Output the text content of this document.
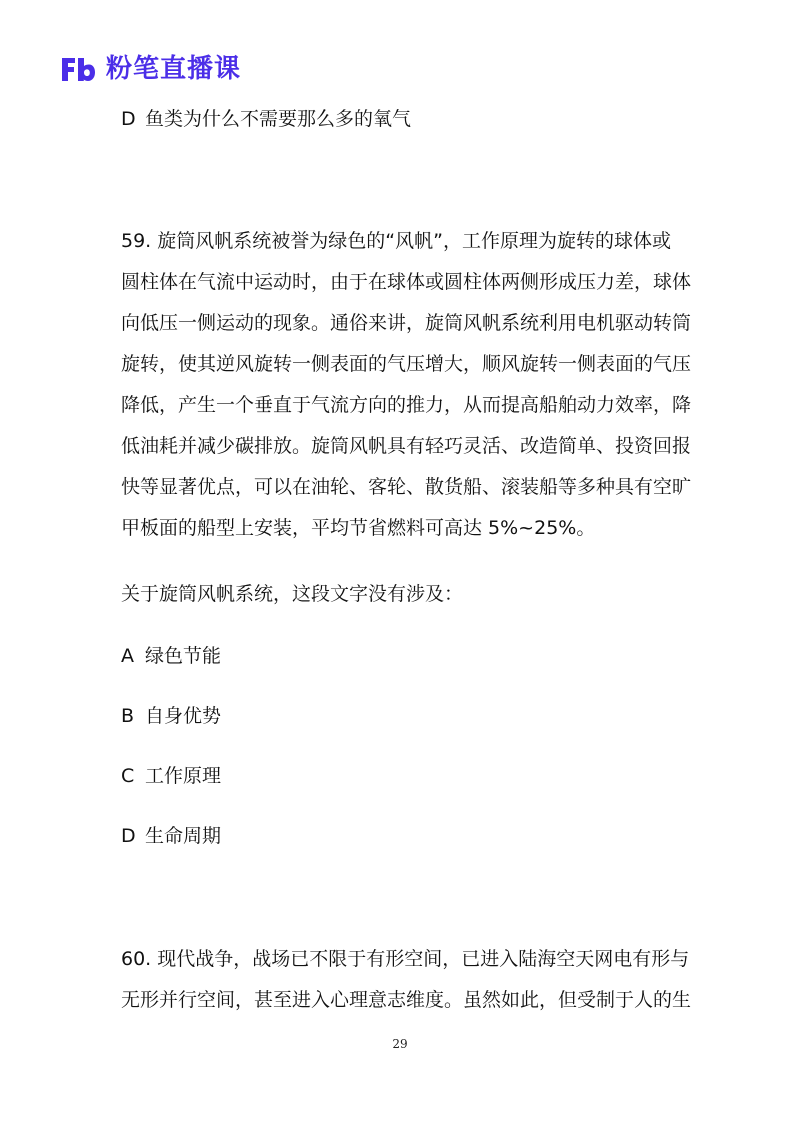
粉笔直播课
D 鱼类为什么不需要那么多的氧气
59. 旋筒风帆系统被誉为绿色的“风帆”，工作原理为旋转的球体或
圆柱体在气流中运动时，由于在球体或圆柱体两侧形成压力差，球体
向低压一侧运动的现象。通俗来讲，旋筒风帆系统利用电机驱动转筒
旋转，使其逆风旋转一侧表面的气压增大，顺风旋转一侧表面的气压
降低，产生一个垂直于气流方向的推力，从而提高船舶动力效率，降
低油耗并减少碳排放。旋筒风帆具有轻巧灵活、改造简单、投资回报
快等显著优点，可以在油轮、客轮、散货船、滚装船等多种具有空旷
甲板面的船型上安装，平均节省燃料可高达 5%~25%。
关于旋筒风帆系统，这段文字没有涉及：
A 绿色节能
B 自身优势
C 工作原理
D 生命周期
60. 现代战争，战场已不限于有形空间，已进入陆海空天网电有形与
无形并行空间，甚至进入心理意志维度。虽然如此，但受制于人的生
29
